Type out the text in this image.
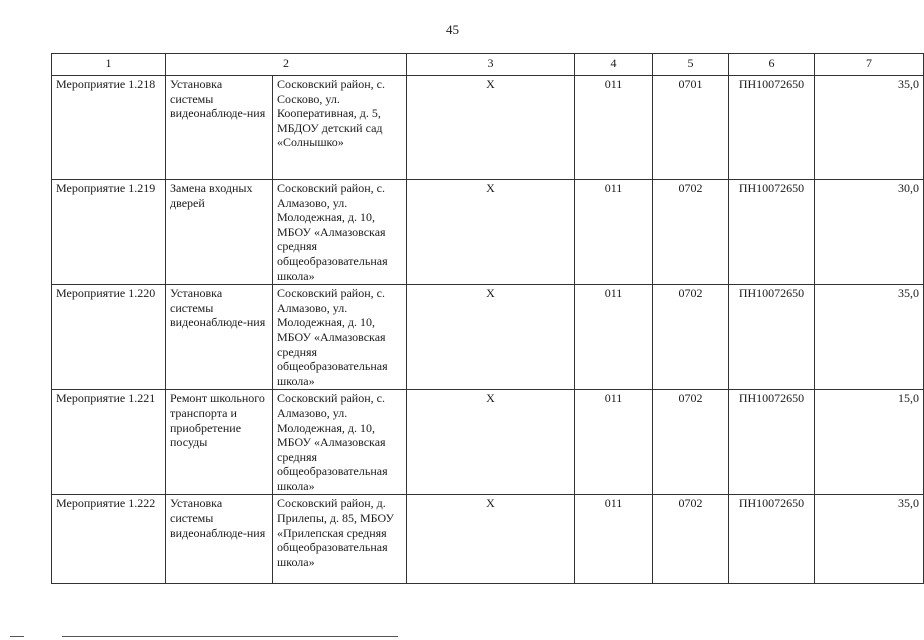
45
1	2		3	4	5	6	7
Мероприятие 1.218	Установка системы видеонаблюде-ния	Сосковский район, с. Сосково, ул. Кооперативная, д. 5, МБДОУ детский сад «Солнышко»	Х	011	0701	ПН10072650	35,0
Мероприятие 1.219	Замена входных дверей	Сосковский район, с. Алмазово, ул. Молодежная, д. 10, МБОУ «Алмазовская средняя общеобразовательная школа»	Х	011	0702	ПН10072650	30,0
Мероприятие 1.220	Установка системы видеонаблюде-ния	Сосковский район, с. Алмазово, ул. Молодежная, д. 10, МБОУ «Алмазовская средняя общеобразовательная школа»	Х	011	0702	ПН10072650	35,0
Мероприятие 1.221	Ремонт школьного транспорта и приобретение посуды	Сосковский район, с. Алмазово, ул. Молодежная, д. 10, МБОУ «Алмазовская средняя общеобразовательная школа»	Х	011	0702	ПН10072650	15,0
Мероприятие 1.222	Установка системы видеонаблюде-ния	Сосковский район, д. Прилепы, д. 85, МБОУ «Прилепская средняя общеобразовательная школа»	Х	011	0702	ПН10072650	35,0
